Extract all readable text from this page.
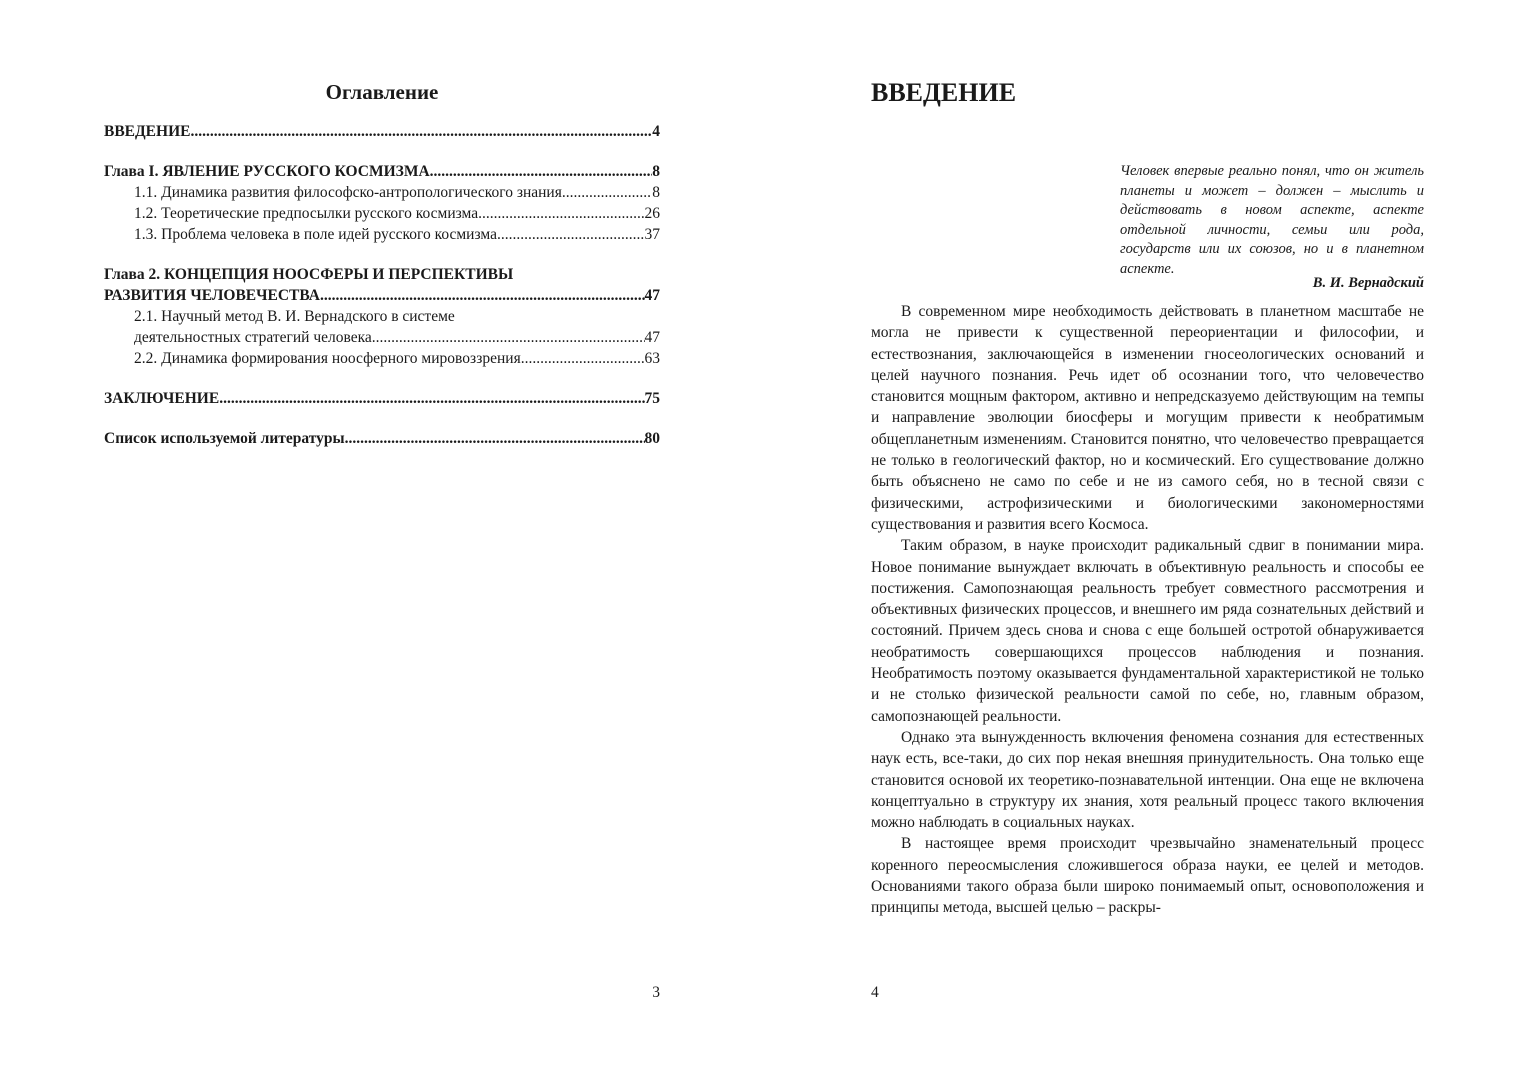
Оглавление
ВВЕДЕНИЕ .....	4
Глава I. ЯВЛЕНИЕ РУССКОГО КОСМИЗМА .....	8
1.1. Динамика развития философско-антропологического знания .....	8
1.2. Теоретические предпосылки русского космизма .....	26
1.3. Проблема человека в поле идей русского космизма .....	37
Глава 2. КОНЦЕПЦИЯ НООСФЕРЫ И ПЕРСПЕКТИВЫ
РАЗВИТИЯ ЧЕЛОВЕЧЕСТВА .....	47
2.1. Научный метод В. И. Вернадского в системе
деятельностных стратегий человека .....	47
2.2. Динамика формирования ноосферного мировоззрения .....	63
ЗАКЛЮЧЕНИЕ .....	75
Список используемой литературы .....	80
3
ВВЕДЕНИЕ
Человек впервые реально понял, что он житель планеты и может – должен – мыслить и действовать в новом аспекте, аспекте отдельной личности, семьи или рода, государств или их союзов, но и в планетном аспекте.
В. И. Вернадский

В современном мире необходимость действовать в планетном масштабе не могла не привести к существенной переориентации и философии, и естествознания, заключающейся в изменении гносеологических оснований и целей научного познания. Речь идет об осознании того, что человечество становится мощным фактором, активно и непредсказуемо действующим на темпы и направление эволюции биосферы и могущим привести к необратимым общепланетным изменениям. Становится понятно, что человечество превращается не только в геологический фактор, но и космический. Его существование должно быть объяснено не само по себе и не из самого себя, но в тесной связи с физическими, астрофизическими и биологическими закономерностями существования и развития всего Космоса.

Таким образом, в науке происходит радикальный сдвиг в понимании мира. Новое понимание вынуждает включать в объективную реальность и способы ее постижения. Самопознающая реальность требует совместного рассмотрения и объективных физических процессов, и внешнего им ряда сознательных действий и состояний. Причем здесь снова и снова с еще большей остротой обнаруживается необратимость совершающихся процессов наблюдения и познания. Необратимость поэтому оказывается фундаментальной характеристикой не только и не столько физической реальности самой по себе, но, главным образом, самопознающей реальности.

Однако эта вынужденность включения феномена сознания для естественных наук есть, все-таки, до сих пор некая внешняя принудительность. Она только еще становится основой их теоретико-познавательной интенции. Она еще не включена концептуально в структуру их знания, хотя реальный процесс такого включения можно наблюдать в социальных науках.

В настоящее время происходит чрезвычайно знаменательный процесс коренного переосмысления сложившегося образа науки, ее целей и методов. Основаниями такого образа были широко понимаемый опыт, основоположения и принципы метода, высшей целью – раскры-

4
